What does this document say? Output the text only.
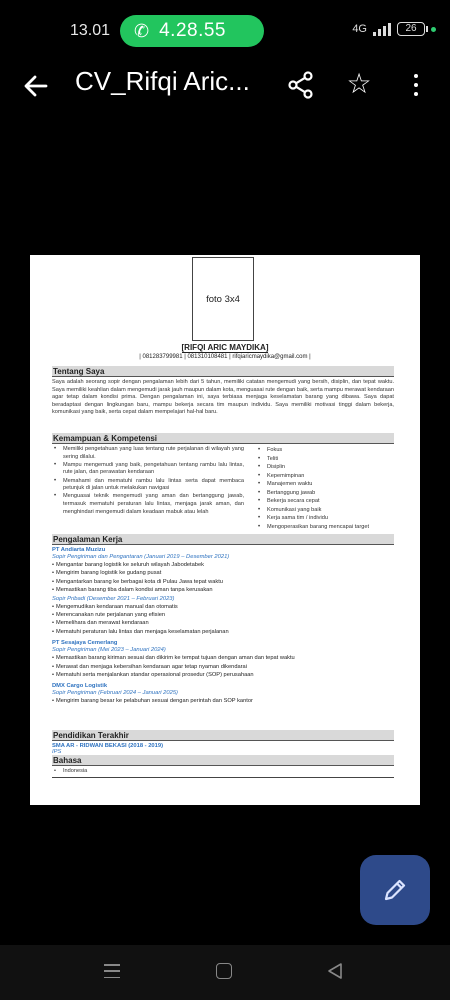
13.01 ✆ 4.28.55	4G	26
CV_Rifqi Aric...	☆
foto 3x4
[RIFQI ARIC MAYDIKA]
| 081283799981 | 081310108481 | rifqiaricmaydika@gmail.com |
Tentang Saya
Saya adalah seorang sopir dengan pengalaman lebih dari 5 tahun, memiliki catatan mengemudi yang bersih, disiplin, dan tepat waktu. Saya memiliki keahlian dalam mengemudi jarak jauh maupun dalam kota, menguasai rute dengan baik, serta mampu merawat kendaraan agar tetap dalam kondisi prima. Dengan pengalaman ini, saya terbiasa menjaga keselamatan barang yang dibawa. Saya dapat beradaptasi dengan lingkungan baru, mampu bekerja secara tim maupun individu. Saya memiliki motivasi tinggi dalam bekerja, komunikasi yang baik, serta cepat dalam mempelajari hal-hal baru.
Kemampuan & Kompetensi
• Memiliki pengetahuan yang luas tentang rute perjalanan di wilayah yang sering dilalui.
• Mampu mengemudi yang baik, pengetahuan tentang rambu lalu lintas, rute jalan, dan perawatan kendaraan
• Memahami dan mematuhi rambu lalu lintas serta dapat membaca petunjuk di jalan untuk melakukan navigasi
• Menguasai teknik mengemudi yang aman dan bertanggung jawab, termasuk mematuhi peraturan lalu lintas, menjaga jarak aman, dan menghindari mengemudi dalam keadaan mabuk atau lelah
• Fokus
• Teliti
• Disiplin
• Kepemimpinan
• Manajemen waktu
• Bertanggung jawab
• Bekerja secara cepat
• Komunikasi yang baik
• Kerja sama tim / individu
• Mengoperasikan barang mencapai target
Pengalaman Kerja
PT Andiarta Muzizu
Sopir Pengiriman dan Pengantaran (Januari 2019 – Desember 2021)
• Mengantar barang logistik ke seluruh wilayah Jabodetabek
• Mengirim barang logistik ke gudang pusat
• Mengantarkan barang ke berbagai kota di Pulau Jawa tepat waktu
• Memastikan barang tiba dalam kondisi aman tanpa kerusakan
Sopir Pribadi (Desember 2021 – Februari 2023)
• Mengemudikan kendaraan manual dan otomatis
• Merencanakan rute perjalanan yang efisien
• Memelihara dan merawat kendaraan
• Mematuhi peraturan lalu lintas dan menjaga keselamatan perjalanan
PT Sesajaya Cemerlang
Sopir Pengiriman (Mei 2023 – Januari 2024)
• Memastikan barang kiriman sesuai dan dikirim ke tempat tujuan dengan aman dan tepat waktu
• Merawat dan menjaga kebersihan kendaraan agar tetap nyaman dikendarai
• Mematuhi serta menjalankan standar operasional prosedur (SOP) perusahaan
DMX Cargo Logistik
Sopir Pengiriman (Februari 2024 – Januari 2025)
• Mengirim barang besar ke pelabuhan sesuai dengan perintah dan SOP kantor
Pendidikan Terakhir
SMA AR - RIDWAN BEKASI (2018 - 2019)
IPS
Bahasa
• Indonesia
